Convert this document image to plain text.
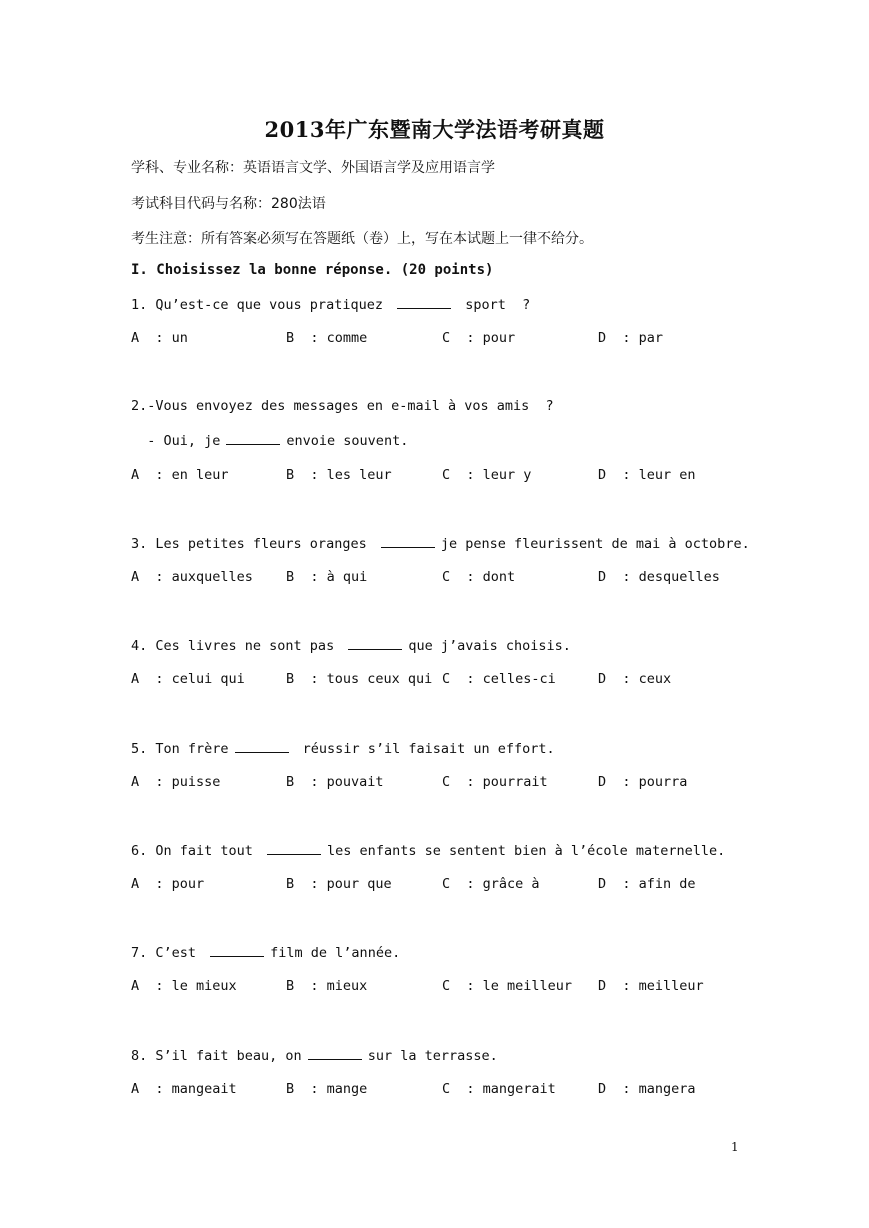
2013年广东暨南大学法语考研真题
学科、专业名称：英语语言文学、外国语言学及应用语言学
考试科目代码与名称：280法语
考生注意：所有答案必须写在答题纸（卷）上，写在本试题上一律不给分。
I. Choisissez la bonne réponse. (20 points)
1. Qu’est-ce que vous pratiquez	sport  ?
A  : un	B  : comme	C  : pour	D  : par
2.-Vous envoyez des messages en e-mail à vos amis  ?
- Oui, je	envoie souvent.
A  : en leur	B  : les leur	C  : leur y	D  : leur en
3. Les petites fleurs oranges	je pense fleurissent de mai à octobre.
A  : auxquelles B  : à qui	C  : dont	D  : desquelles
4. Ces livres ne sont pas	que j’avais choisis.
A  : celui qui	B  : tous ceux qui C  : celles-ci	D  : ceux
5. Ton frère	réussir s’il faisait un effort.
A  : puisse	B  : pouvait	C  : pourrait	D  : pourra
6. On fait tout	les enfants se sentent bien à l’école maternelle.
A  : pour	B  : pour que	C  : grâce à	D  : afin de
7. C’est	film de l’année.
A  : le mieux	B  : mieux	C  : le meilleur D  : meilleur
8. S’il fait beau, on	sur la terrasse.
A  : mangeait	B  : mange	C  : mangerait	D  : mangera
1
